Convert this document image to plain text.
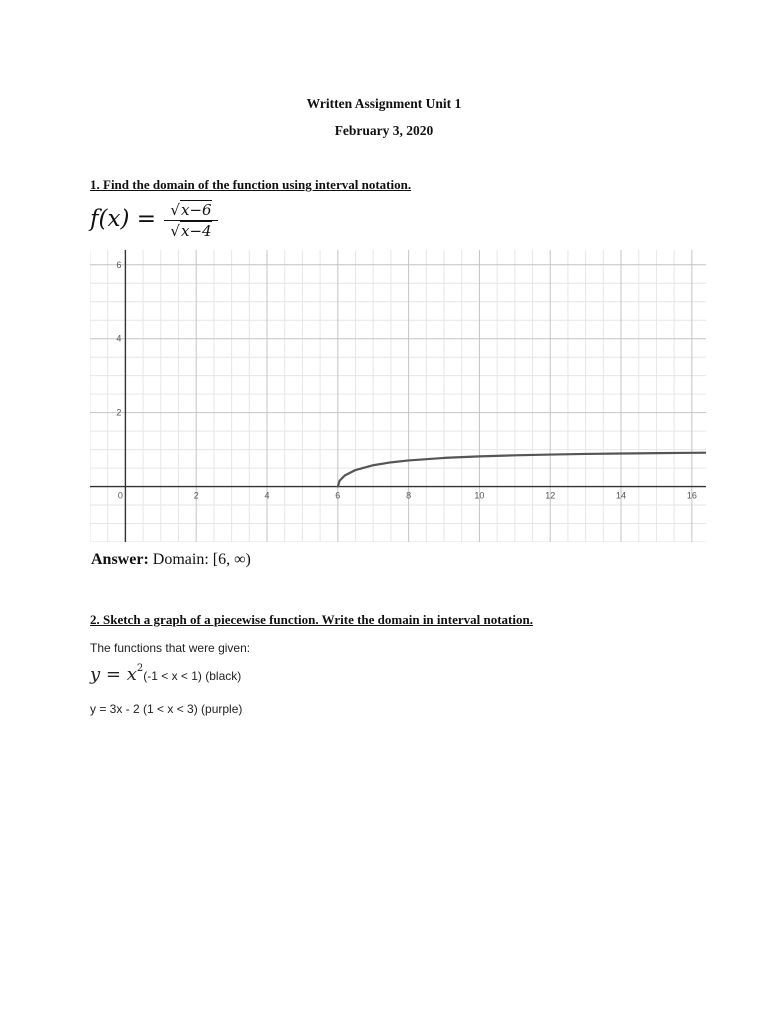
Written Assignment Unit 1
February 3, 2020
1. Find the domain of the function using interval notation.
$f(x) = \frac{√x-6}{√x-4}$
0	2	4	6	8	10	12	14	16
2
4
6
Answer: Domain: [6, ∞)
2. Sketch a graph of a piecewise function. Write the domain in interval notation.
The functions that were given:
$y = x^2(-1 < x < 1)$ (black)
y = 3x - 2 (1 < x < 3) (purple)
